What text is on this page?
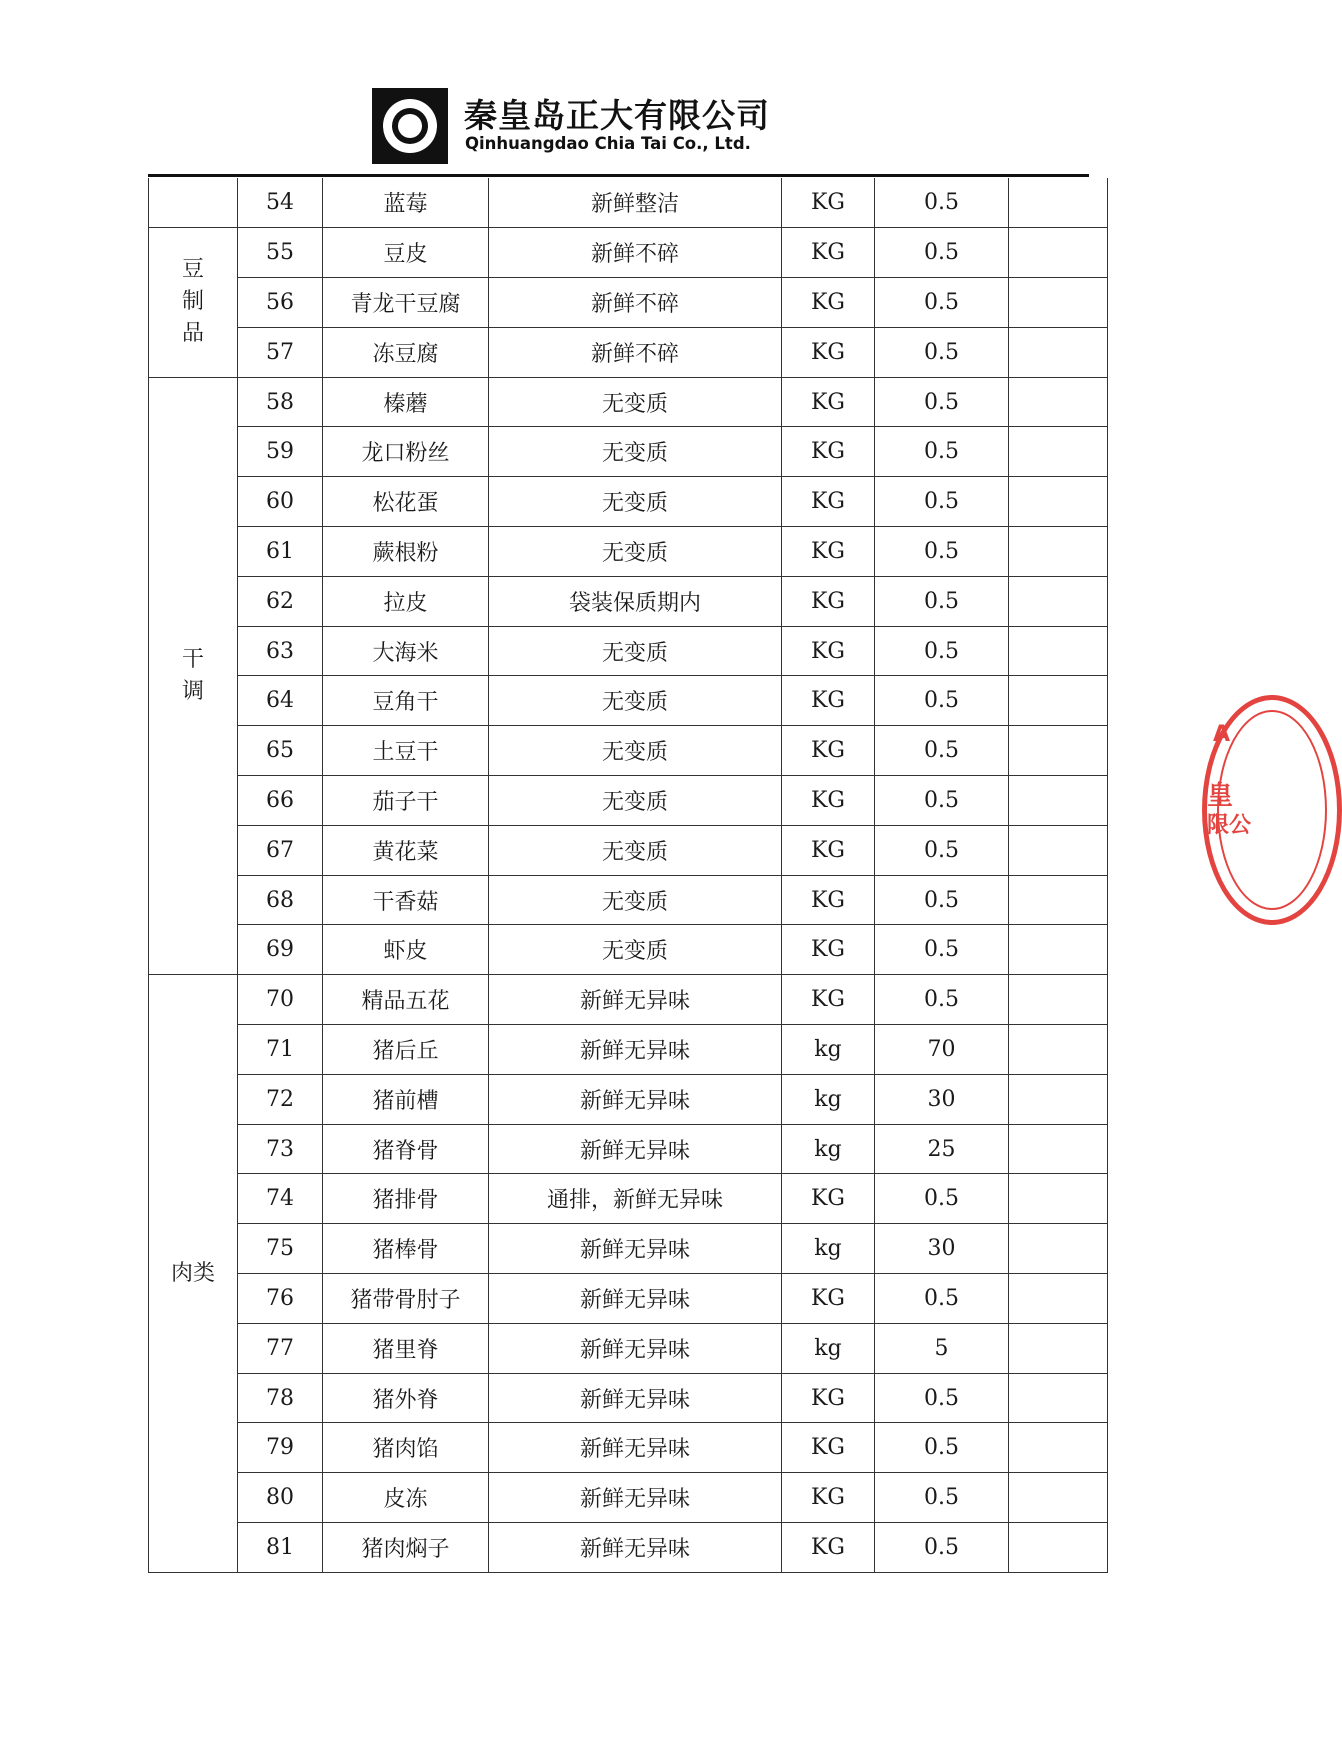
秦皇岛正大有限公司
Qinhuangdao Chia Tai Co., Ltd.
	54	蓝莓	新鲜整洁	KG	0.5	
豆制品	55	豆皮	新鲜不碎	KG	0.5	
	56	青龙干豆腐	新鲜不碎	KG	0.5	
	57	冻豆腐	新鲜不碎	KG	0.5	
干调	58	榛蘑	无变质	KG	0.5	
	59	龙口粉丝	无变质	KG	0.5	
	60	松花蛋	无变质	KG	0.5	
	61	蕨根粉	无变质	KG	0.5	
	62	拉皮	袋装保质期内	KG	0.5	
	63	大海米	无变质	KG	0.5	
	64	豆角干	无变质	KG	0.5	
	65	土豆干	无变质	KG	0.5	
	66	茄子干	无变质	KG	0.5	
	67	黄花菜	无变质	KG	0.5	
	68	干香菇	无变质	KG	0.5	
	69	虾皮	无变质	KG	0.5	
肉类	70	精品五花	新鲜无异味	KG	0.5	
	71	猪后丘	新鲜无异味	kg	70	
	72	猪前槽	新鲜无异味	kg	30	
	73	猪脊骨	新鲜无异味	kg	25	
	74	猪排骨	通排，新鲜无异味	KG	0.5	
	75	猪棒骨	新鲜无异味	kg	30	
	76	猪带骨肘子	新鲜无异味	KG	0.5	
	77	猪里脊	新鲜无异味	kg	5	
	78	猪外脊	新鲜无异味	KG	0.5	
	79	猪肉馅	新鲜无异味	KG	0.5	
	80	皮冻	新鲜无异味	KG	0.5	
	81	猪肉焖子	新鲜无异味	KG	0.5	
A
皇
限公
